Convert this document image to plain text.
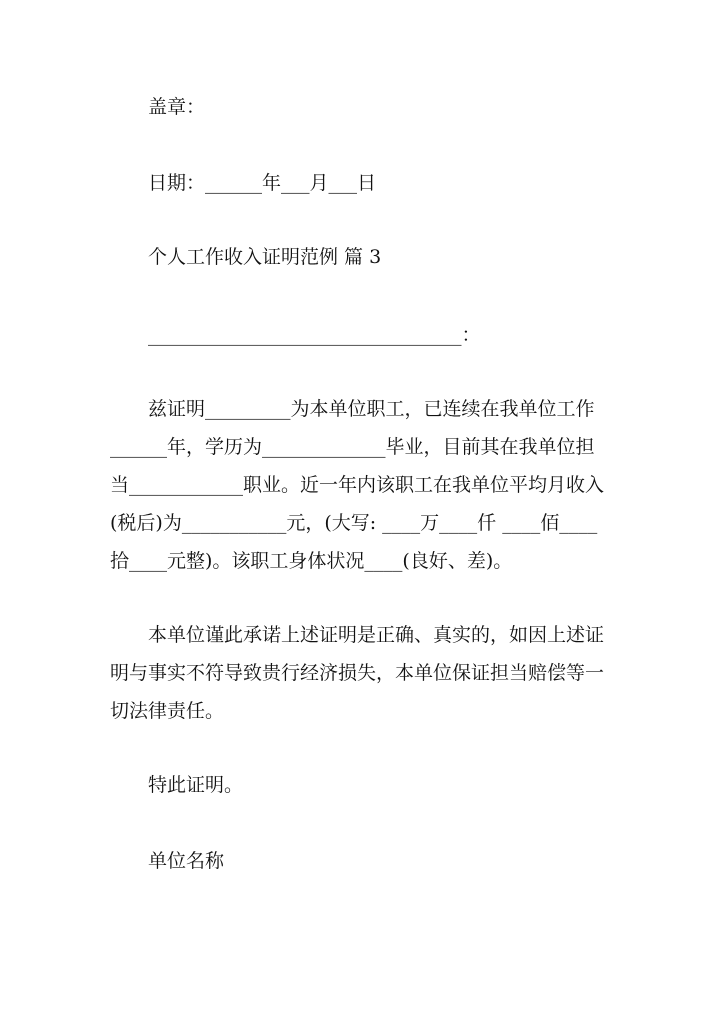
盖章：
日期：______年___月___日
个人工作收入证明范例 篇 3
_________________________________：
兹证明_________为本单位职工，已连续在我单位工作
______年，学历为_____________毕业，目前其在我单位担
当____________职业。近一年内该职工在我单位平均月收入
(税后)为___________元，(大写: ____万____仟 ____佰____
拾____元整)。该职工身体状况____(良好、差)。
本单位谨此承诺上述证明是正确、真实的，如因上述证
明与事实不符导致贵行经济损失，本单位保证担当赔偿等一
切法律责任。
特此证明。
单位名称
